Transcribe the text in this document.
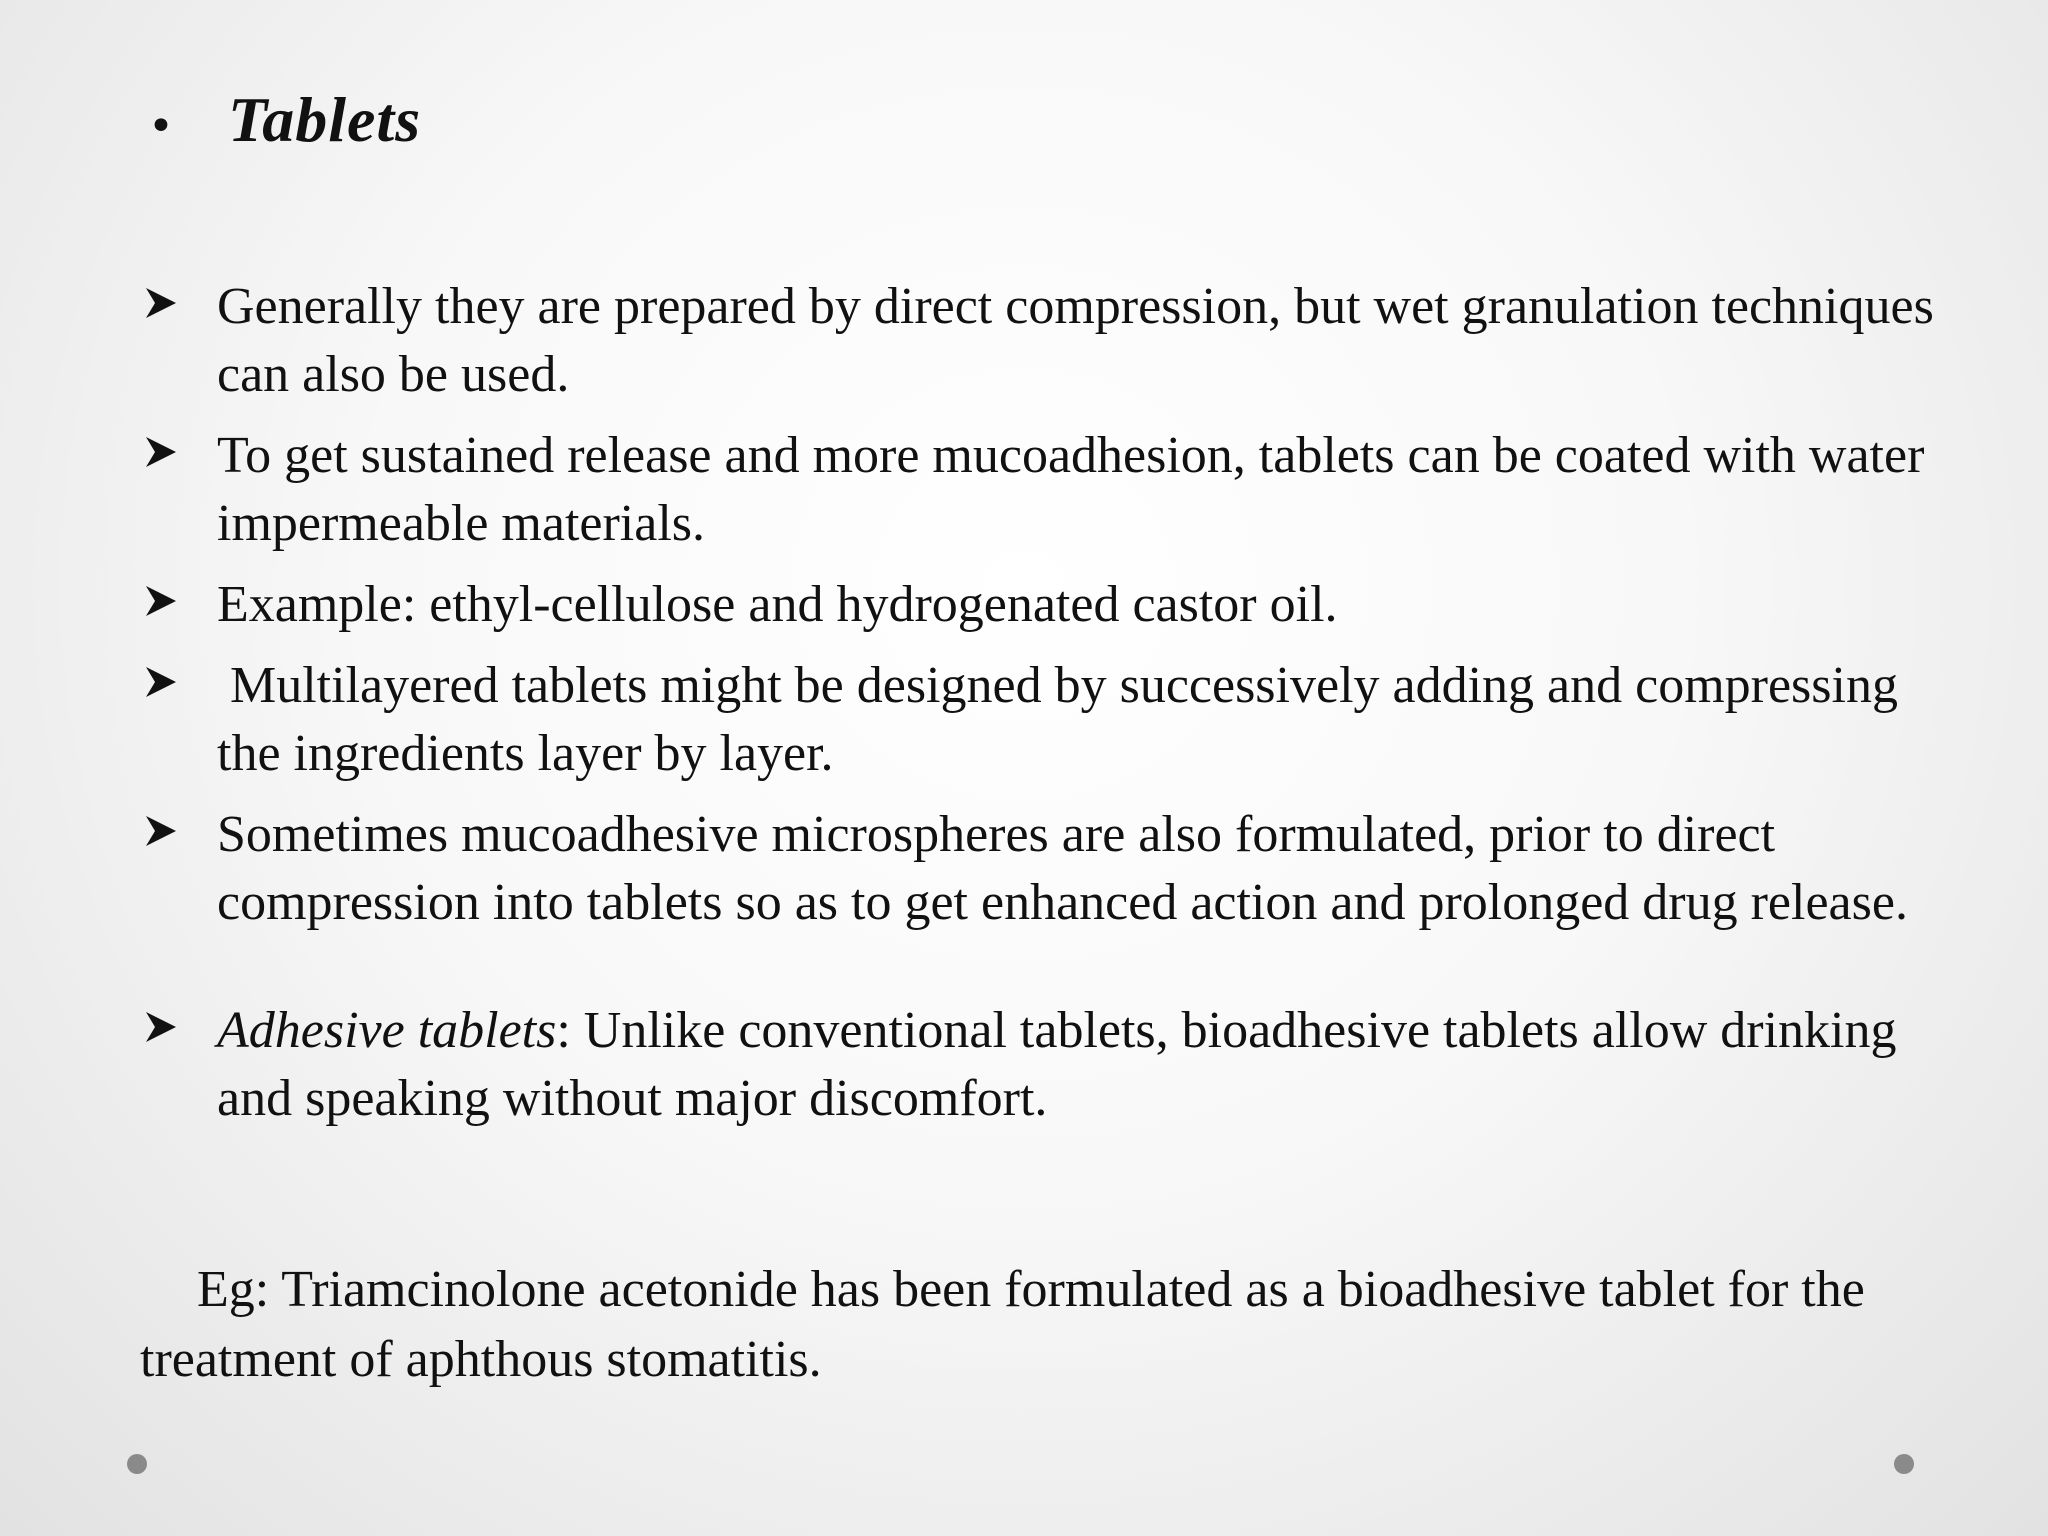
• Tablets
Generally they are prepared by direct compression, but wet granulation techniques can also be used.
To get sustained release and more mucoadhesion, tablets can be coated with water impermeable materials.
Example: ethyl-cellulose and hydrogenated castor oil.
Multilayered tablets might be designed by successively adding and compressing the ingredients layer by layer.
Sometimes mucoadhesive microspheres are also formulated, prior to direct compression into tablets so as to get enhanced action and prolonged drug release.
Adhesive tablets: Unlike conventional tablets, bioadhesive tablets allow drinking and speaking without major discomfort.
Eg: Triamcinolone acetonide has been formulated as a bioadhesive tablet for the treatment of aphthous stomatitis.
